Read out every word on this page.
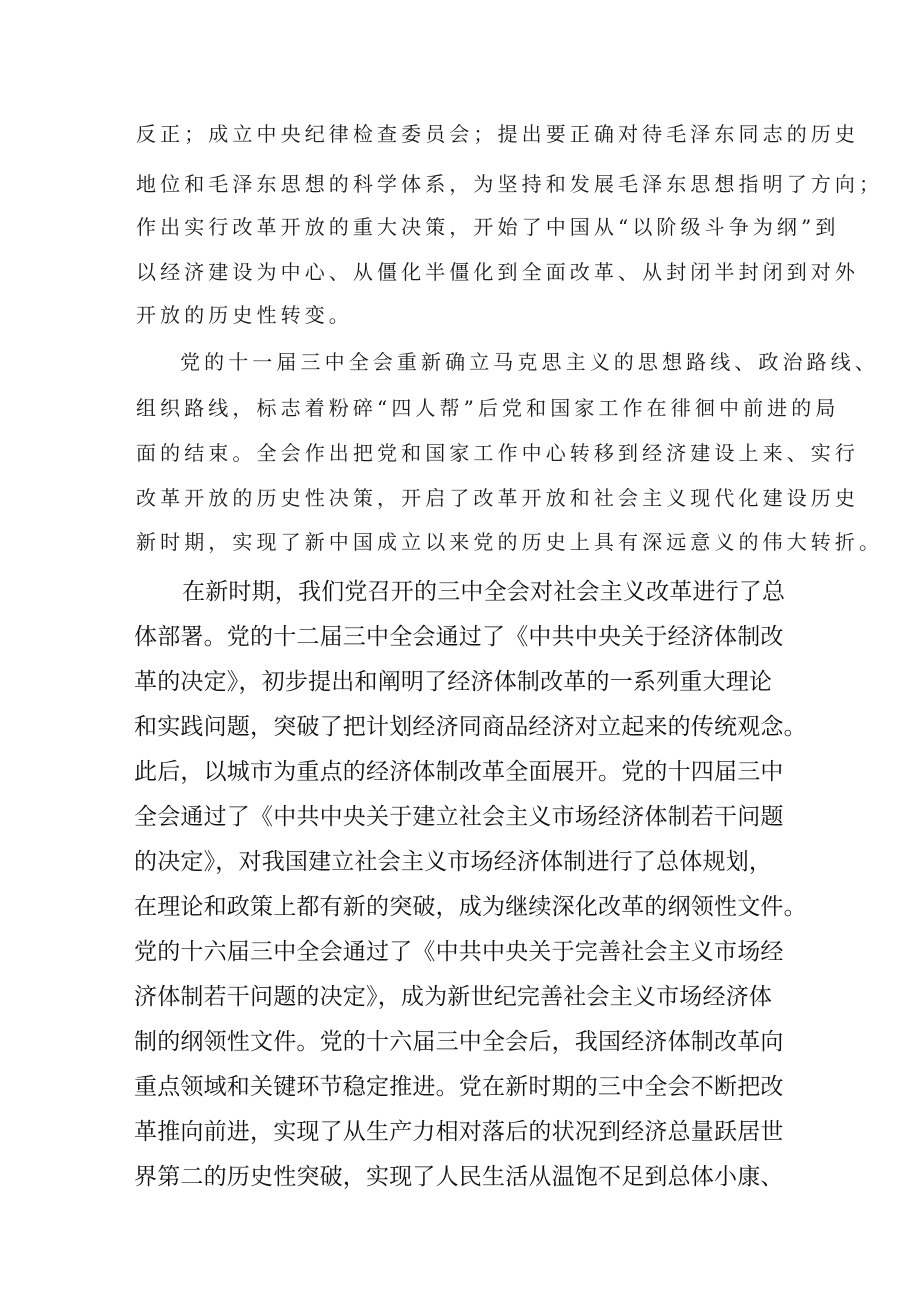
反正；成立中央纪律检查委员会；提出要正确对待毛泽东同志的历史

地位和毛泽东思想的科学体系，为坚持和发展毛泽东思想指明了方向；

作出实行改革开放的重大决策，开始了中国从“以阶级斗争为纲”到

以经济建设为中心、从僵化半僵化到全面改革、从封闭半封闭到对外

开放的历史性转变。

党的十一届三中全会重新确立马克思主义的思想路线、政治路线、

组织路线，标志着粉碎“四人帮”后党和国家工作在徘徊中前进的局

面的结束。全会作出把党和国家工作中心转移到经济建设上来、实行

改革开放的历史性决策，开启了改革开放和社会主义现代化建设历史

新时期，实现了新中国成立以来党的历史上具有深远意义的伟大转折。

在新时期，我们党召开的三中全会对社会主义改革进行了总

体部署。党的十二届三中全会通过了《中共中央关于经济体制改

革的决定》，初步提出和阐明了经济体制改革的一系列重大理论

和实践问题，突破了把计划经济同商品经济对立起来的传统观念。

此后，以城市为重点的经济体制改革全面展开。党的十四届三中

全会通过了《中共中央关于建立社会主义市场经济体制若干问题

的决定》，对我国建立社会主义市场经济体制进行了总体规划，

在理论和政策上都有新的突破，成为继续深化改革的纲领性文件。

党的十六届三中全会通过了《中共中央关于完善社会主义市场经

济体制若干问题的决定》，成为新世纪完善社会主义市场经济体

制的纲领性文件。党的十六届三中全会后，我国经济体制改革向

重点领域和关键环节稳定推进。党在新时期的三中全会不断把改

革推向前进，实现了从生产力相对落后的状况到经济总量跃居世

界第二的历史性突破，实现了人民生活从温饱不足到总体小康、
